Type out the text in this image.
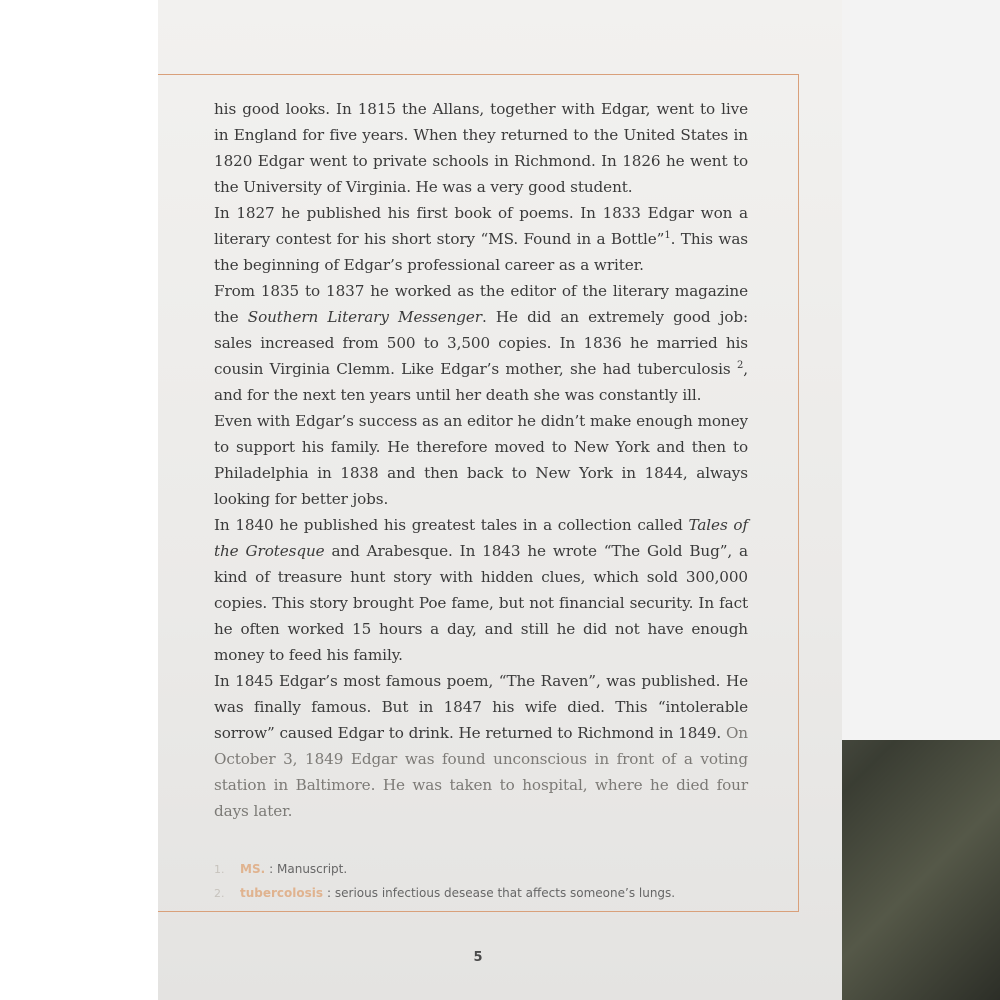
his good looks. In 1815 the Allans, together with Edgar, went to live in England for five years. When they returned to the United States in 1820 Edgar went to private schools in Richmond. In 1826 he went to the University of Virginia. He was a very good student.

In 1827 he published his first book of poems. In 1833 Edgar won a literary contest for his short story “MS. Found in a Bottle”$^1$. This was the beginning of Edgar’s professional career as a writer.

From 1835 to 1837 he worked as the editor of the literary magazine the Southern Literary Messenger. He did an extremely good job: sales increased from 500 to 3,500 copies. In 1836 he married his cousin Virginia Clemm. Like Edgar’s mother, she had tuberculosis $^2$, and for the next ten years until her death she was constantly ill.

Even with Edgar’s success as an editor he didn’t make enough money to support his family. He therefore moved to New York and then to Philadelphia in 1838 and then back to New York in 1844, always looking for better jobs.

In 1840 he published his greatest tales in a collection called Tales of the Grotesque and Arabesque. In 1843 he wrote “The Gold Bug”, a kind of treasure hunt story with hidden clues, which sold 300,000 copies. This story brought Poe fame, but not financial security. In fact he often worked 15 hours a day, and still he did not have enough money to feed his family.

In 1845 Edgar’s most famous poem, “The Raven”, was published. He was finally famous. But in 1847 his wife died. This “intolerable sorrow” caused Edgar to drink. He returned to Richmond in 1849. On October 3, 1849 Edgar was found unconscious in front of a voting station in Baltimore. He was taken to hospital, where he died four days later.

1.	MS. : Manuscript.
2.	tubercolosis : serious infectious desease that affects someone’s lungs.
5
